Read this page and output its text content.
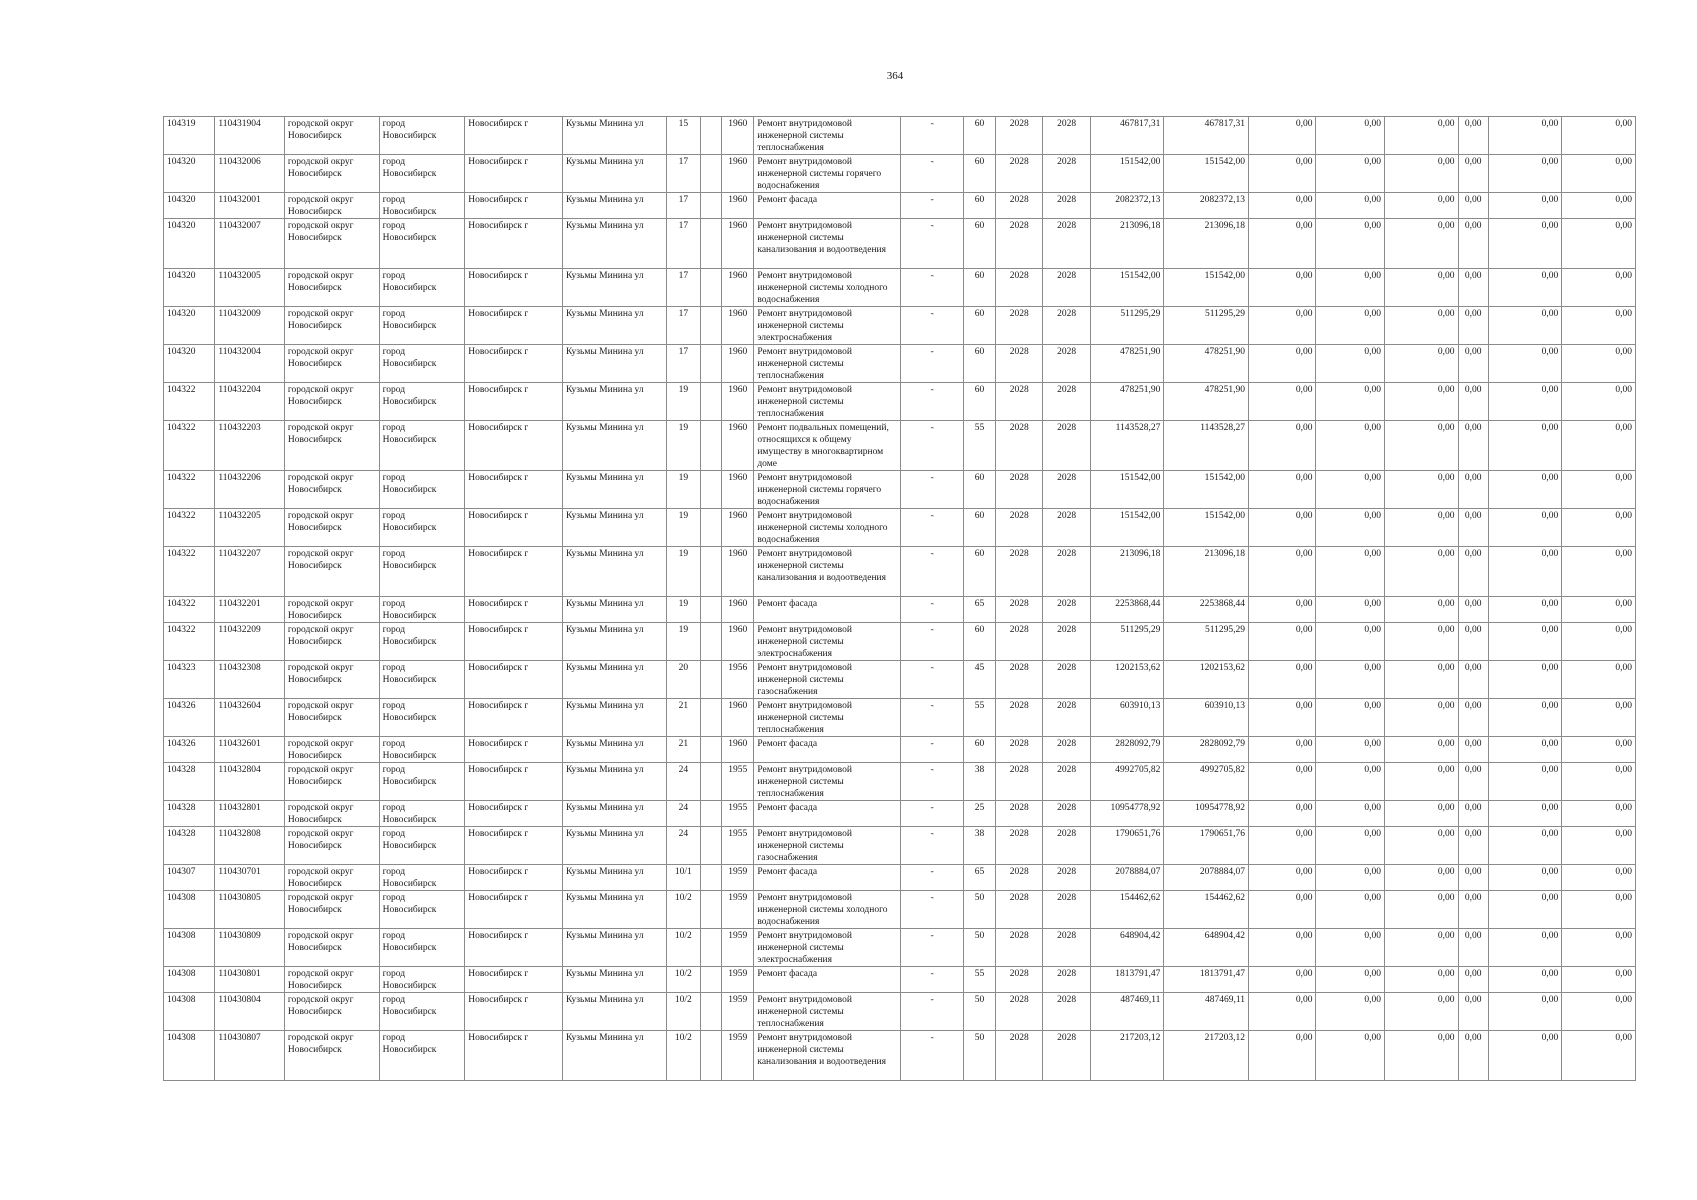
364
104319	110431904	городской округ Новосибирск	город Новосибирск	Новосибирск г	Кузьмы Минина ул	15		1960	Ремонт внутридомовой инженерной системы теплоснабжения	-	60	2028	2028	467817,31	467817,31	0,00	0,00	0,00	0,00	0,00	0,00
104320	110432006	городской округ Новосибирск	город Новосибирск	Новосибирск г	Кузьмы Минина ул	17		1960	Ремонт внутридомовой инженерной системы горячего водоснабжения	-	60	2028	2028	151542,00	151542,00	0,00	0,00	0,00	0,00	0,00	0,00
104320	110432001	городской округ Новосибирск	город Новосибирск	Новосибирск г	Кузьмы Минина ул	17		1960	Ремонт фасада	-	60	2028	2028	2082372,13	2082372,13	0,00	0,00	0,00	0,00	0,00	0,00
104320	110432007	городской округ Новосибирск	город Новосибирск	Новосибирск г	Кузьмы Минина ул	17		1960	Ремонт внутридомовой инженерной системы канализования и водоотведения	-	60	2028	2028	213096,18	213096,18	0,00	0,00	0,00	0,00	0,00	0,00
104320	110432005	городской округ Новосибирск	город Новосибирск	Новосибирск г	Кузьмы Минина ул	17		1960	Ремонт внутридомовой инженерной системы холодного водоснабжения	-	60	2028	2028	151542,00	151542,00	0,00	0,00	0,00	0,00	0,00	0,00
104320	110432009	городской округ Новосибирск	город Новосибирск	Новосибирск г	Кузьмы Минина ул	17		1960	Ремонт внутридомовой инженерной системы электроснабжения	-	60	2028	2028	511295,29	511295,29	0,00	0,00	0,00	0,00	0,00	0,00
104320	110432004	городской округ Новосибирск	город Новосибирск	Новосибирск г	Кузьмы Минина ул	17		1960	Ремонт внутридомовой инженерной системы теплоснабжения	-	60	2028	2028	478251,90	478251,90	0,00	0,00	0,00	0,00	0,00	0,00
104322	110432204	городской округ Новосибирск	город Новосибирск	Новосибирск г	Кузьмы Минина ул	19		1960	Ремонт внутридомовой инженерной системы теплоснабжения	-	60	2028	2028	478251,90	478251,90	0,00	0,00	0,00	0,00	0,00	0,00
104322	110432203	городской округ Новосибирск	город Новосибирск	Новосибирск г	Кузьмы Минина ул	19		1960	Ремонт подвальных помещений, относящихся к общему имуществу в многоквартирном доме	-	55	2028	2028	1143528,27	1143528,27	0,00	0,00	0,00	0,00	0,00	0,00
104322	110432206	городской округ Новосибирск	город Новосибирск	Новосибирск г	Кузьмы Минина ул	19		1960	Ремонт внутридомовой инженерной системы горячего водоснабжения	-	60	2028	2028	151542,00	151542,00	0,00	0,00	0,00	0,00	0,00	0,00
104322	110432205	городской округ Новосибирск	город Новосибирск	Новосибирск г	Кузьмы Минина ул	19		1960	Ремонт внутридомовой инженерной системы холодного водоснабжения	-	60	2028	2028	151542,00	151542,00	0,00	0,00	0,00	0,00	0,00	0,00
104322	110432207	городской округ Новосибирск	город Новосибирск	Новосибирск г	Кузьмы Минина ул	19		1960	Ремонт внутридомовой инженерной системы канализования и водоотведения	-	60	2028	2028	213096,18	213096,18	0,00	0,00	0,00	0,00	0,00	0,00
104322	110432201	городской округ Новосибирск	город Новосибирск	Новосибирск г	Кузьмы Минина ул	19		1960	Ремонт фасада	-	65	2028	2028	2253868,44	2253868,44	0,00	0,00	0,00	0,00	0,00	0,00
104322	110432209	городской округ Новосибирск	город Новосибирск	Новосибирск г	Кузьмы Минина ул	19		1960	Ремонт внутридомовой инженерной системы электроснабжения	-	60	2028	2028	511295,29	511295,29	0,00	0,00	0,00	0,00	0,00	0,00
104323	110432308	городской округ Новосибирск	город Новосибирск	Новосибирск г	Кузьмы Минина ул	20		1956	Ремонт внутридомовой инженерной системы газоснабжения	-	45	2028	2028	1202153,62	1202153,62	0,00	0,00	0,00	0,00	0,00	0,00
104326	110432604	городской округ Новосибирск	город Новосибирск	Новосибирск г	Кузьмы Минина ул	21		1960	Ремонт внутридомовой инженерной системы теплоснабжения	-	55	2028	2028	603910,13	603910,13	0,00	0,00	0,00	0,00	0,00	0,00
104326	110432601	городской округ Новосибирск	город Новосибирск	Новосибирск г	Кузьмы Минина ул	21		1960	Ремонт фасада	-	60	2028	2028	2828092,79	2828092,79	0,00	0,00	0,00	0,00	0,00	0,00
104328	110432804	городской округ Новосибирск	город Новосибирск	Новосибирск г	Кузьмы Минина ул	24		1955	Ремонт внутридомовой инженерной системы теплоснабжения	-	38	2028	2028	4992705,82	4992705,82	0,00	0,00	0,00	0,00	0,00	0,00
104328	110432801	городской округ Новосибирск	город Новосибирск	Новосибирск г	Кузьмы Минина ул	24		1955	Ремонт фасада	-	25	2028	2028	10954778,92	10954778,92	0,00	0,00	0,00	0,00	0,00	0,00
104328	110432808	городской округ Новосибирск	город Новосибирск	Новосибирск г	Кузьмы Минина ул	24		1955	Ремонт внутридомовой инженерной системы газоснабжения	-	38	2028	2028	1790651,76	1790651,76	0,00	0,00	0,00	0,00	0,00	0,00
104307	110430701	городской округ Новосибирск	город Новосибирск	Новосибирск г	Кузьмы Минина ул	10/1		1959	Ремонт фасада	-	65	2028	2028	2078884,07	2078884,07	0,00	0,00	0,00	0,00	0,00	0,00
104308	110430805	городской округ Новосибирск	город Новосибирск	Новосибирск г	Кузьмы Минина ул	10/2		1959	Ремонт внутридомовой инженерной системы холодного водоснабжения	-	50	2028	2028	154462,62	154462,62	0,00	0,00	0,00	0,00	0,00	0,00
104308	110430809	городской округ Новосибирск	город Новосибирск	Новосибирск г	Кузьмы Минина ул	10/2		1959	Ремонт внутридомовой инженерной системы электроснабжения	-	50	2028	2028	648904,42	648904,42	0,00	0,00	0,00	0,00	0,00	0,00
104308	110430801	городской округ Новосибирск	город Новосибирск	Новосибирск г	Кузьмы Минина ул	10/2		1959	Ремонт фасада	-	55	2028	2028	1813791,47	1813791,47	0,00	0,00	0,00	0,00	0,00	0,00
104308	110430804	городской округ Новосибирск	город Новосибирск	Новосибирск г	Кузьмы Минина ул	10/2		1959	Ремонт внутридомовой инженерной системы теплоснабжения	-	50	2028	2028	487469,11	487469,11	0,00	0,00	0,00	0,00	0,00	0,00
104308	110430807	городской округ Новосибирск	город Новосибирск	Новосибирск г	Кузьмы Минина ул	10/2		1959	Ремонт внутридомовой инженерной системы канализования и водоотведения	-	50	2028	2028	217203,12	217203,12	0,00	0,00	0,00	0,00	0,00	0,00
